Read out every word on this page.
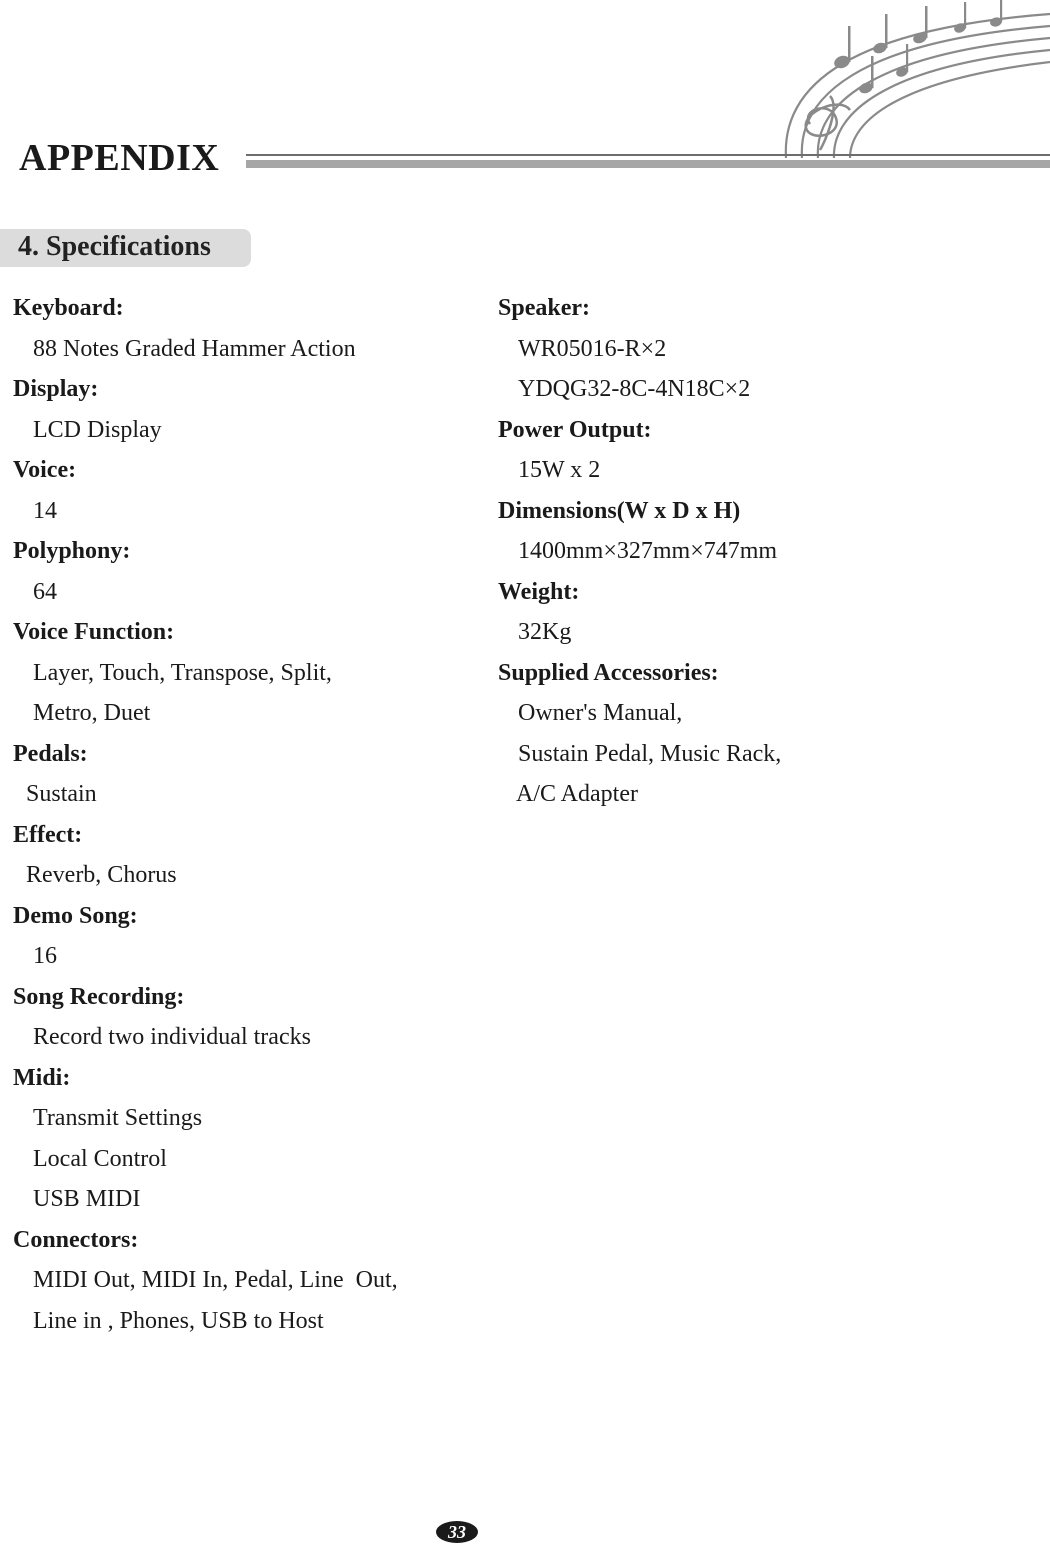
APPENDIX
4. Specifications
Keyboard:
88 Notes Graded Hammer Action
Display:
LCD Display
Voice:
14
Polyphony:
64
Voice Function:
Layer, Touch, Transpose, Split,
Metro, Duet
Pedals:
Sustain
Effect:
Reverb, Chorus
Demo Song:
16
Song Recording:
Record two individual tracks
Midi:
Transmit Settings
Local Control
USB MIDI
Connectors:
MIDI Out, MIDI In, Pedal, Line  Out,
Line in , Phones, USB to Host
Speaker:
WR05016-R×2
YDQG32-8C-4N18C×2
Power Output:
15W x 2
Dimensions(W x D x H)
1400mm×327mm×747mm
Weight:
32Kg
Supplied Accessories:
Owner's Manual,
Sustain Pedal, Music Rack,
A/C Adapter
33
